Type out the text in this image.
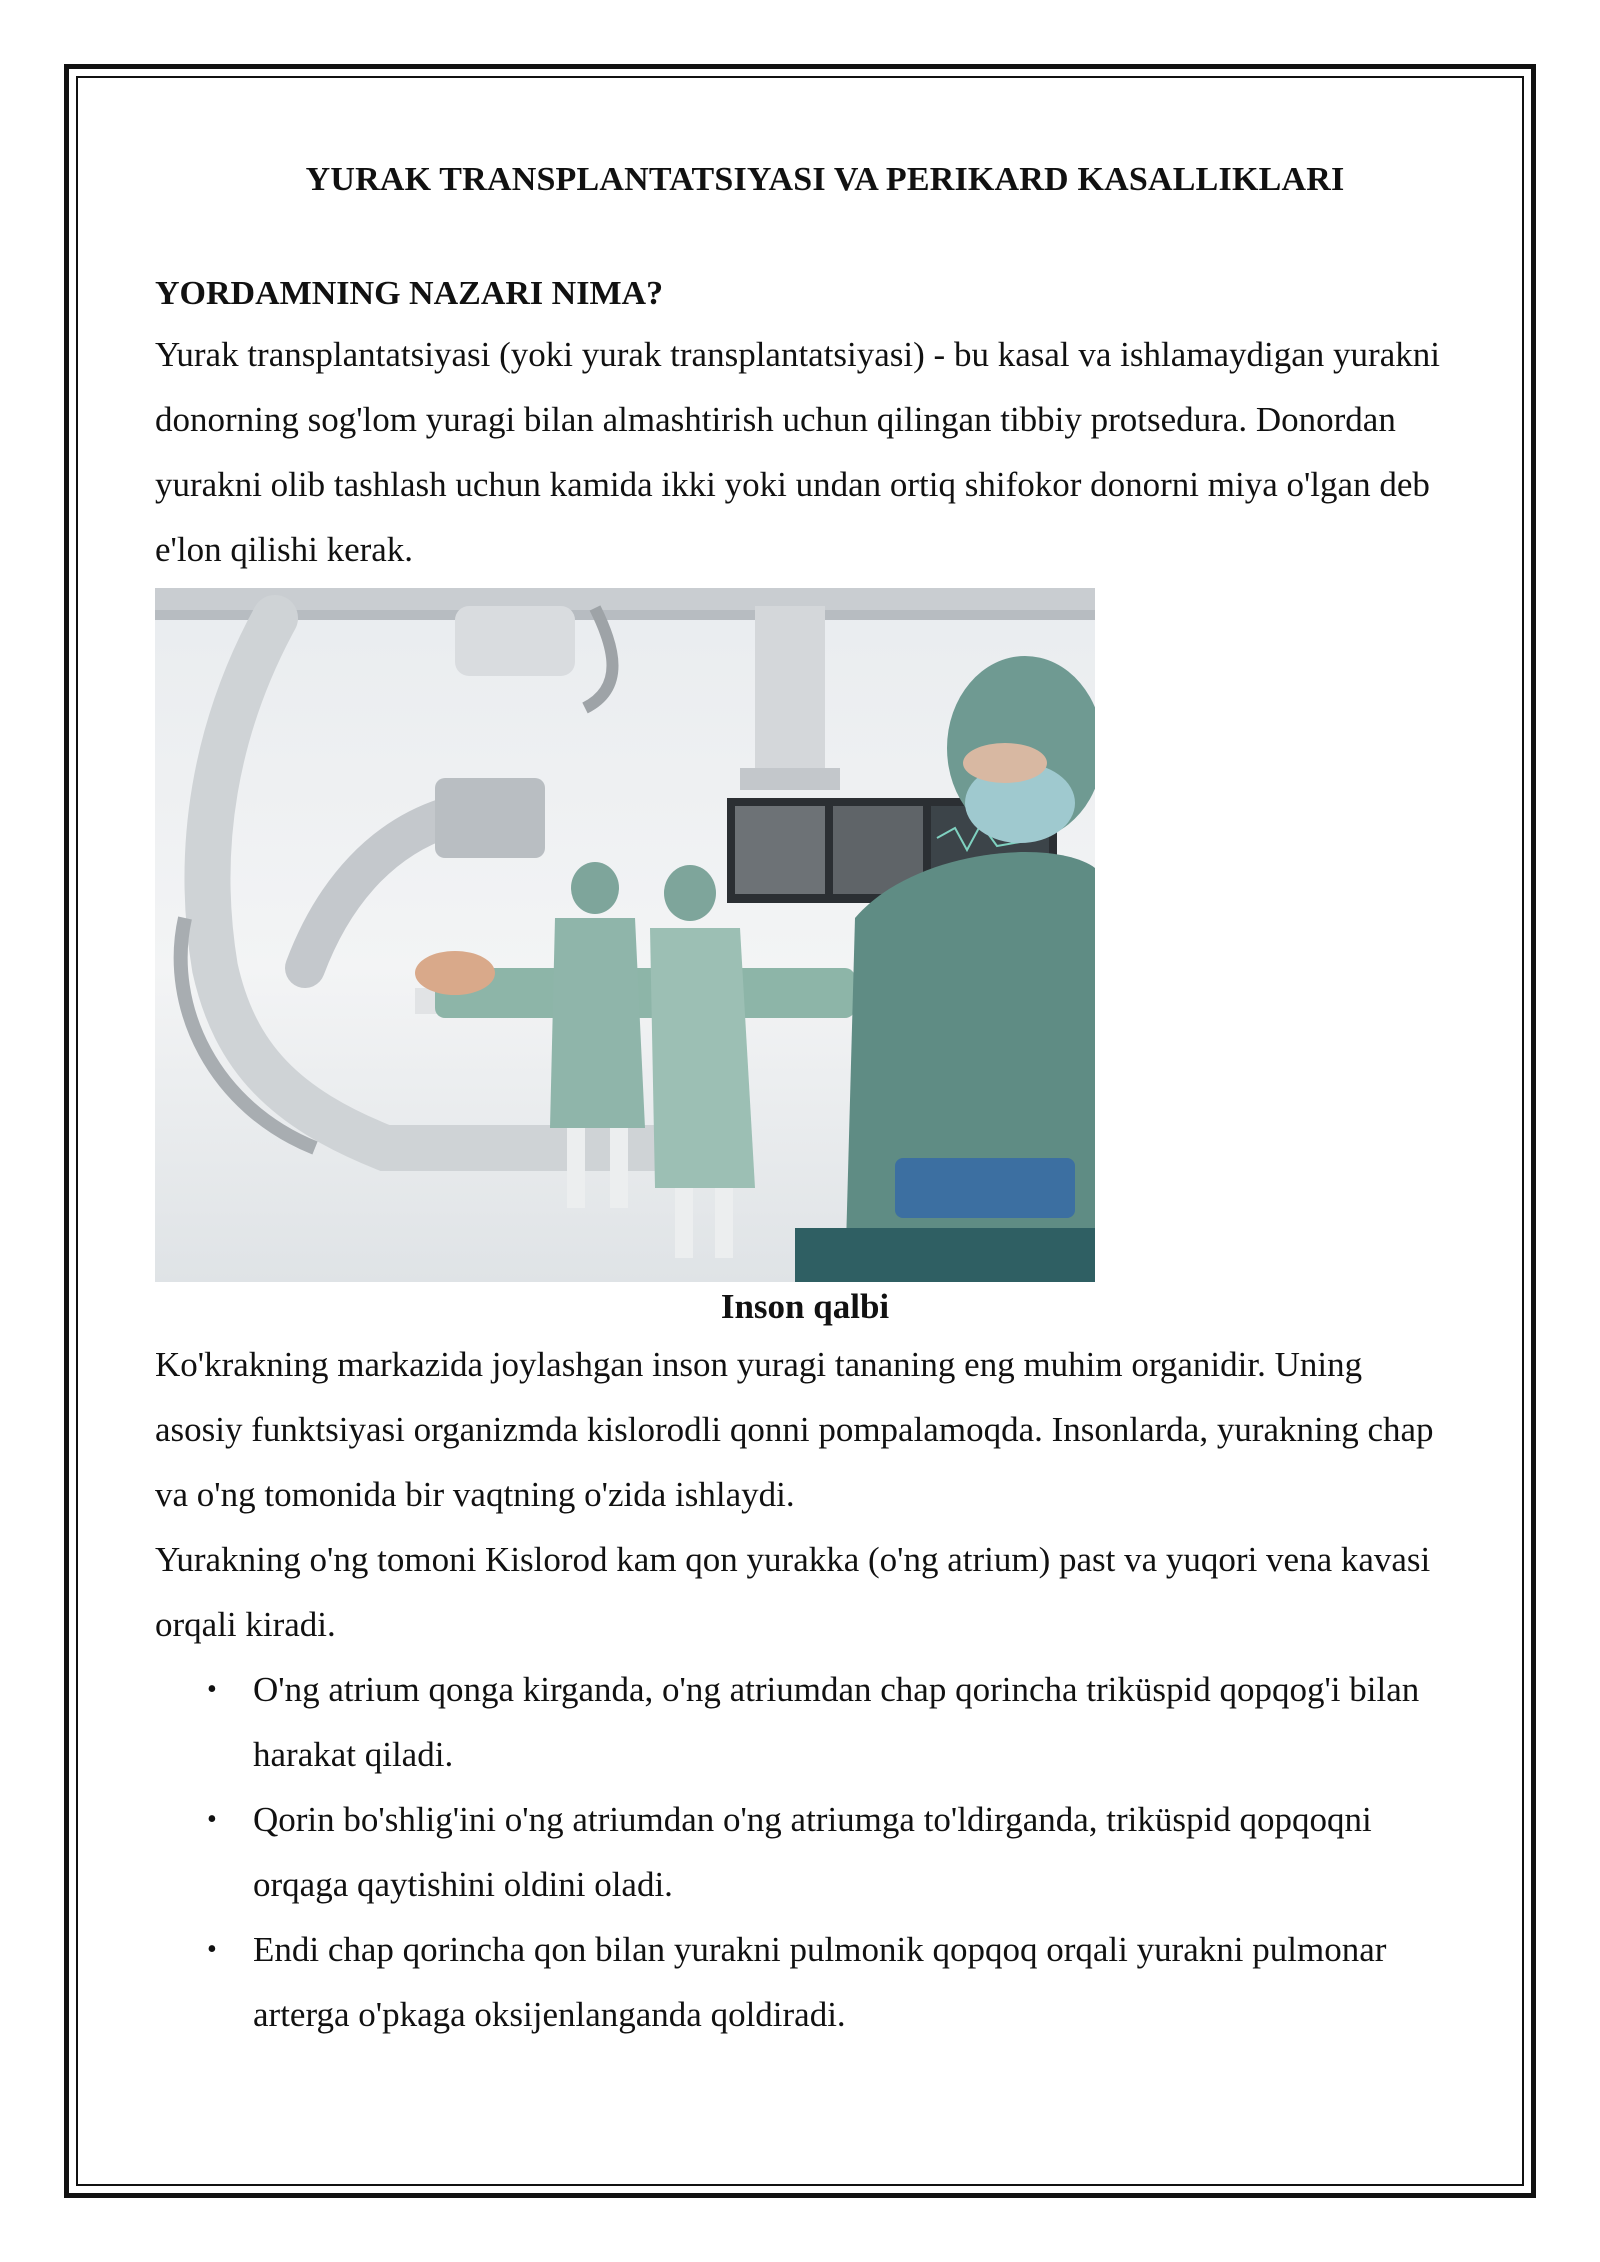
YURAK TRANSPLANTATSIYASI VA PERIKARD KASALLIKLARI
YORDAMNING NAZARI NIMA?

Yurak transplantatsiyasi (yoki yurak transplantatsiyasi) - bu kasal va ishlamaydigan yurakni donorning sog'lom yuragi bilan almashtirish uchun qilingan tibbiy protsedura. Donordan yurakni olib tashlash uchun kamida ikki yoki undan ortiq shifokor donorni miya o'lgan deb e'lon qilishi kerak.

Inson qalbi

Ko'krakning markazida joylashgan inson yuragi tananing eng muhim organidir. Uning asosiy funktsiyasi organizmda kislorodli qonni pompalamoqda. Insonlarda, yurakning chap va o'ng tomonida bir vaqtning o'zida ishlaydi.

Yurakning o'ng tomoni Kislorod kam qon yurakka (o'ng atrium) past va yuqori vena kavasi orqali kiradi.

• O'ng atrium qonga kirganda, o'ng atriumdan chap qorincha triküspid qopqog'i bilan harakat qiladi.
• Qorin bo'shlig'ini o'ng atriumdan o'ng atriumga to'ldirganda, triküspid qopqoqni orqaga qaytishini oldini oladi.
• Endi chap qorincha qon bilan yurakni pulmonik qopqoq orqali yurakni pulmonar arterga o'pkaga oksijenlanganda qoldiradi.
